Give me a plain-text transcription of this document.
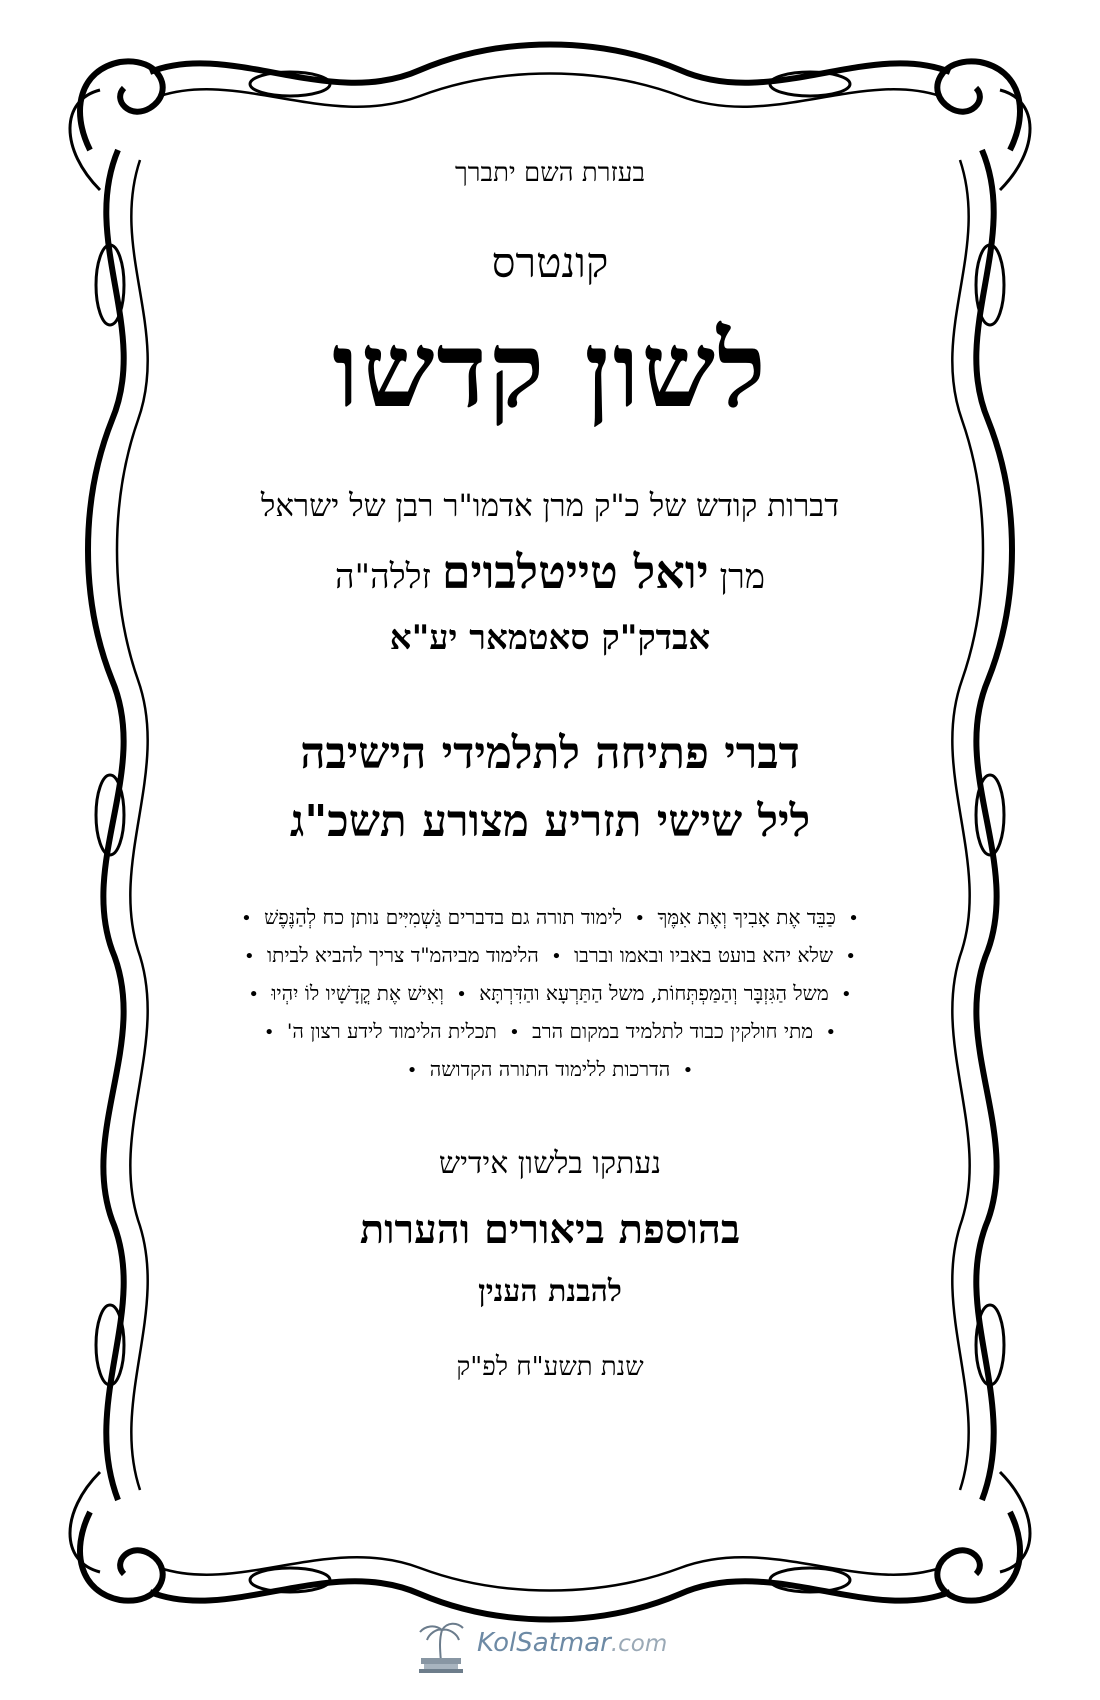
בעזרת השם יתברך
קונטרס
לשון קדשו
דברות קודש של כ"ק מרן אדמו"ר רבן של ישראל
מרן יואל טייטלבוים זללה"ה
אבדק"ק סאטמאר יע"א
דברי פתיחה לתלמידי הישיבה
ליל שישי תזריע מצורע תשכ"ג
• כַּבֵּד אֶת אָבִיךָ וְאֶת אִמֶּךָ • לימוד תורה גם בדברים גַּשְׁמִיִּים נותן כח לְהַנֶּפֶשׁ •
• שלא יהא בועט באביו ובאמו וברבו • הלימוד מביהמ"ד צריך להביא לביתו •
• משל הַגִּזְבָּר וְהַמַּפְתְּחוֹת, משל הַתַּרְעָא והַדִּרְתָּא • וְאִישׁ אֶת קֳדָשָׁיו לוֹ יִהְיוּ •
• מתי חולקין כבוד לתלמיד במקום הרב • תכלית הלימוד לידע רצון ה' •
• הדרכות ללימוד התורה הקדושה •
נעתקו בלשון אידיש
בהוספת ביאורים והערות
להבנת הענין
שנת תשע"ח לפ"ק
KolSatmar.com
